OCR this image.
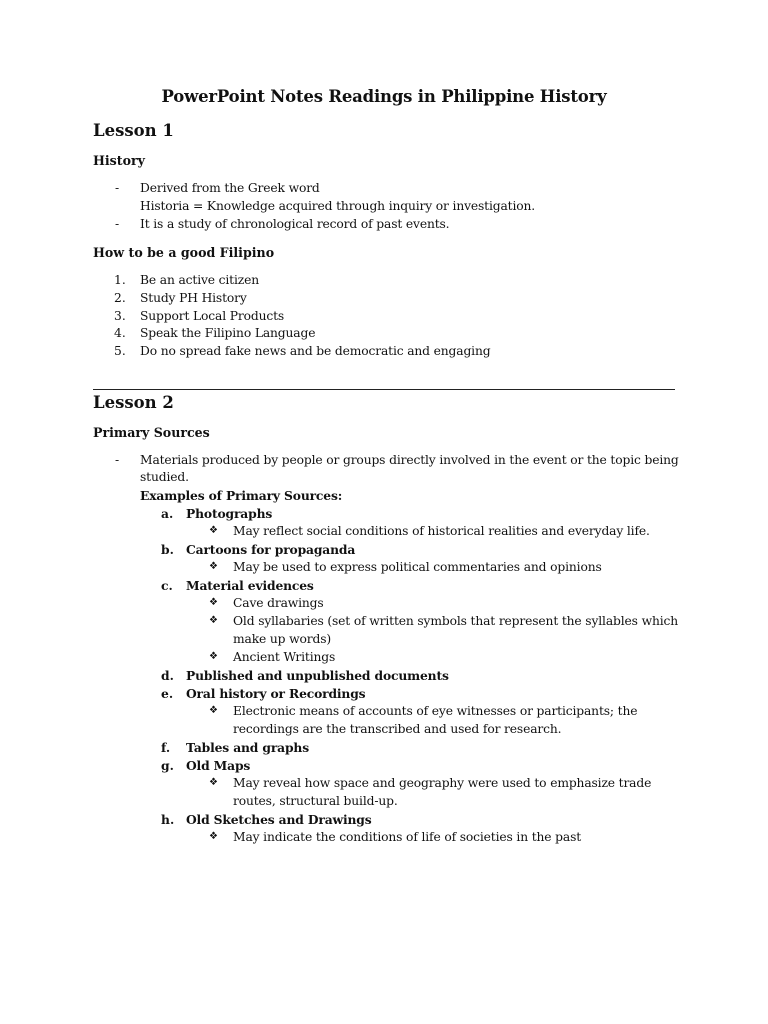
PowerPoint Notes Readings in Philippine History
Lesson 1
History
- Derived from the Greek word
Historia = Knowledge acquired through inquiry or investigation.
- It is a study of chronological record of past events.
How to be a good Filipino
1. Be an active citizen
2. Study PH History
3. Support Local Products
4. Speak the Filipino Language
5. Do no spread fake news and be democratic and engaging
Lesson 2
Primary Sources
- Materials produced by people or groups directly involved in the event or the topic being
studied.
Examples of Primary Sources:
a. Photographs
❖ May reflect social conditions of historical realities and everyday life.
b. Cartoons for propaganda
❖ May be used to express political commentaries and opinions
c. Material evidences
❖ Cave drawings
❖ Old syllabaries (set of written symbols that represent the syllables which
make up words)
❖ Ancient Writings
d. Published and unpublished documents
e. Oral history or Recordings
❖ Electronic means of accounts of eye witnesses or participants; the
recordings are the transcribed and used for research.
f. Tables and graphs
g. Old Maps
❖ May reveal how space and geography were used to emphasize trade
routes, structural build-up.
h. Old Sketches and Drawings
❖ May indicate the conditions of life of societies in the past
